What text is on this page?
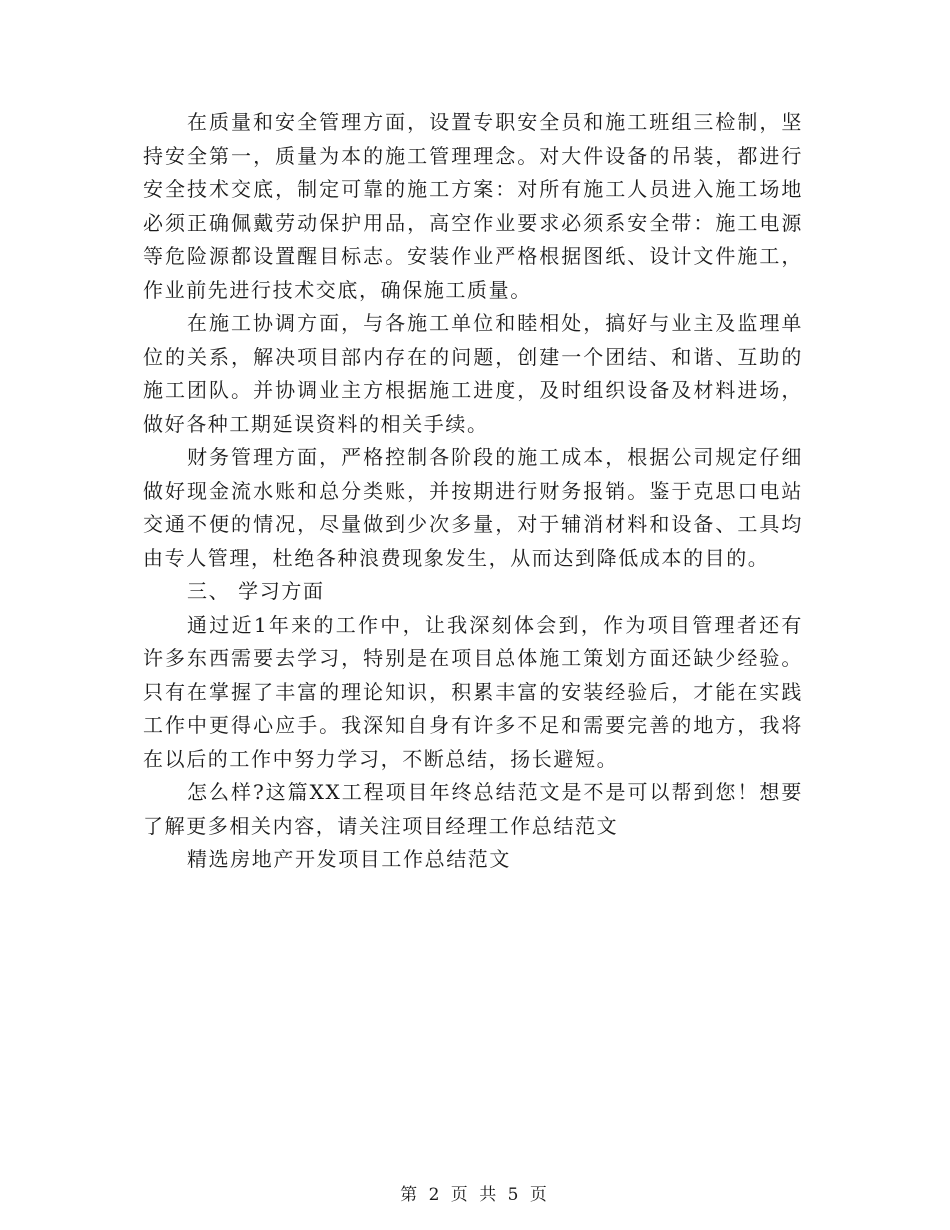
在质量和安全管理方面，设置专职安全员和施工班组三检制，坚持安全第一，质量为本的施工管理理念。对大件设备的吊装，都进行安全技术交底，制定可靠的施工方案：对所有施工人员进入施工场地必须正确佩戴劳动保护用品，高空作业要求必须系安全带：施工电源等危险源都设置醒目标志。安装作业严格根据图纸、设计文件施工，作业前先进行技术交底，确保施工质量。

在施工协调方面，与各施工单位和睦相处，搞好与业主及监理单位的关系，解决项目部内存在的问题，创建一个团结、和谐、互助的施工团队。并协调业主方根据施工进度，及时组织设备及材料进场，做好各种工期延误资料的相关手续。

财务管理方面，严格控制各阶段的施工成本，根据公司规定仔细做好现金流水账和总分类账，并按期进行财务报销。鉴于克思口电站交通不便的情况，尽量做到少次多量，对于辅消材料和设备、工具均由专人管理，杜绝各种浪费现象发生，从而达到降低成本的目的。

三、 学习方面

通过近1年来的工作中，让我深刻体会到，作为项目管理者还有许多东西需要去学习，特别是在项目总体施工策划方面还缺少经验。只有在掌握了丰富的理论知识，积累丰富的安装经验后，才能在实践工作中更得心应手。我深知自身有许多不足和需要完善的地方，我将在以后的工作中努力学习，不断总结，扬长避短。

怎么样?这篇XX工程项目年终总结范文是不是可以帮到您！想要了解更多相关内容，请关注项目经理工作总结范文

精选房地产开发项目工作总结范文

第 2 页 共 5 页
